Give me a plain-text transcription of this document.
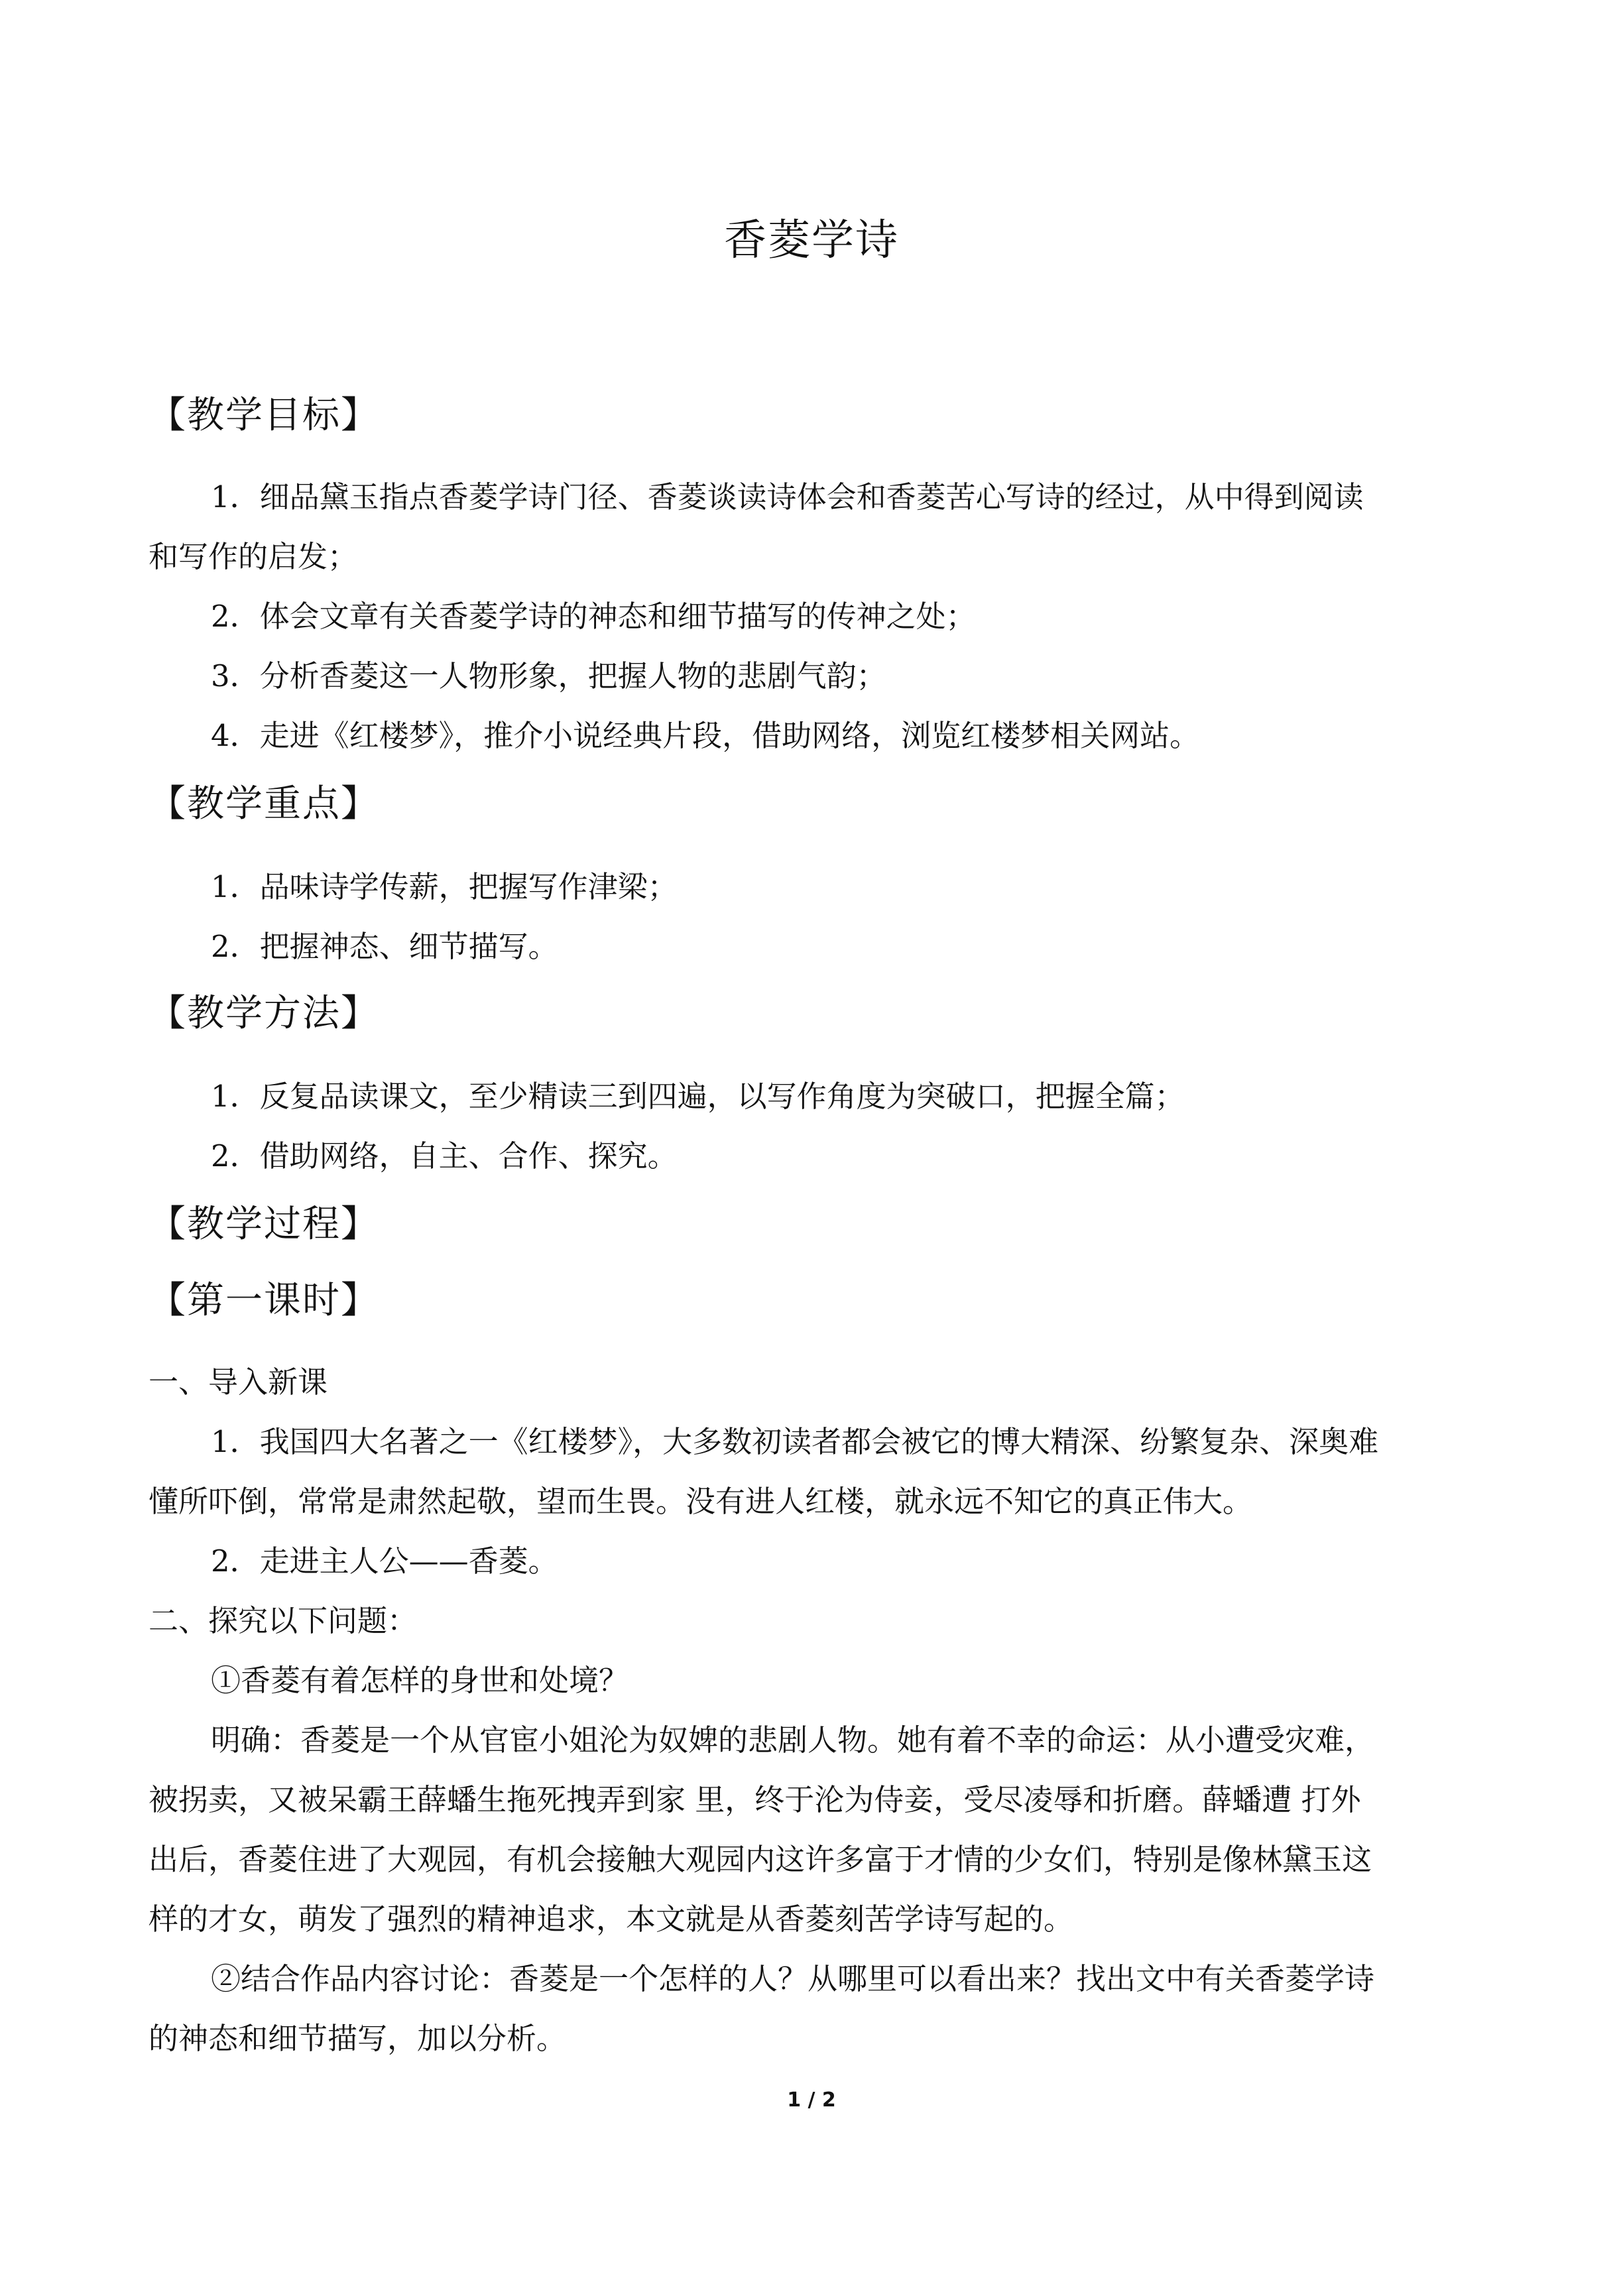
香菱学诗
【教学目标】
1．细品黛玉指点香菱学诗门径、香菱谈读诗体会和香菱苦心写诗的经过，从中得到阅读
和写作的启发；
2．体会文章有关香菱学诗的神态和细节描写的传神之处；
3．分析香菱这一人物形象，把握人物的悲剧气韵；
4．走进《红楼梦》，推介小说经典片段，借助网络，浏览红楼梦相关网站。
【教学重点】
1．品味诗学传薪，把握写作津梁；
2．把握神态、细节描写。
【教学方法】
1．反复品读课文，至少精读三到四遍，以写作角度为突破口，把握全篇；
2．借助网络，自主、合作、探究。
【教学过程】
【第一课时】
一、导入新课
1．我国四大名著之一《红楼梦》，大多数初读者都会被它的博大精深、纷繁复杂、深奥难
懂所吓倒，常常是肃然起敬，望而生畏。没有进人红楼，就永远不知它的真正伟大。
2．走进主人公——香菱。
二、探究以下问题：
①香菱有着怎样的身世和处境？
明确：香菱是一个从官宦小姐沦为奴婢的悲剧人物。她有着不幸的命运：从小遭受灾难，
被拐卖，又被呆霸王薛蟠生拖死拽弄到家 里，终于沦为侍妾，受尽凌辱和折磨。薛蟠遭 打外
出后，香菱住进了大观园，有机会接触大观园内这许多富于才情的少女们，特别是像林黛玉这
样的才女，萌发了强烈的精神追求，本文就是从香菱刻苦学诗写起的。
②结合作品内容讨论：香菱是一个怎样的人？从哪里可以看出来？找出文中有关香菱学诗
的神态和细节描写，加以分析。
1 / 2
